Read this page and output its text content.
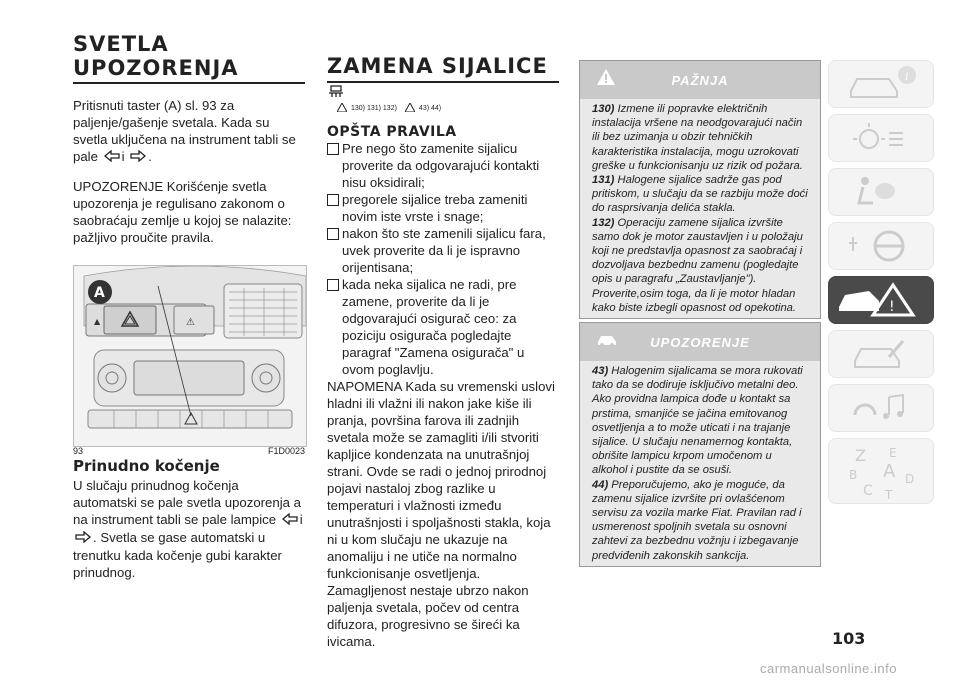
SVETLA
UPOZORENJA

Pritisnuti taster (A) sl. 93 za paljenje/gašenje svetala. Kada su svetla uključena na instrument tabli se pale i .

UPOZORENJE Korišćenje svetla upozorenja je regulisano zakonom o saobraćaju zemlje u kojoj se nalazite: pažljivo proučite pravila.

Prinudno kočenje

U slučaju prinudnog kočenja automatski se pale svetla upozorenja a na instrument tabli se pale lampice i . Svetla se gase automatski u trenutku kada kočenje gubi karakter prinudnog.

▲	⚠
A
93	F1D0023
ZAMENA SIJALICE
130) 131) 132)	43) 44)
OPŠTA PRAVILA
Pre nego što zamenite sijalicu proverite da odgovarajući kontakti nisu oksidirali;
pregorele sijalice treba zameniti novim iste vrste i snage;
nakon što ste zamenili sijalicu fara, uvek proverite da li je ispravno orijentisana;
kada neka sijalica ne radi, pre zamene, proverite da li je odgovarajući osigurač ceo: za poziciju osigurača pogledajte paragraf "Zamena osigurača" u ovom poglavlju.

NAPOMENA Kada su vremenski uslovi hladni ili vlažni ili nakon jake kiše ili pranja, površina farova ili zadnjih svetala može se zamagliti i/ili stvoriti kapljice kondenzata na unutrašnjoj strani. Ovde se radi o jednoj prirodnoj pojavi nastaloj zbog razlike u temperaturi i vlažnosti između unutrašnjosti i spoljašnosti stakla, koja ni u kom slučaju ne ukazuje na anomaliju i ne utiče na normalno funkcionisanje osvetljenja. Zamagljenost nestaje ubrzo nakon paljenja svetala, počev od centra difuzora, progresivno se šireći ka ivicama.

PAŽNJA
130) Izmene ili popravke električnih instalacija vršene na neodgovarajući način ili bez uzimanja u obzir tehničkih karakteristika instalacija, mogu uzrokovati greške u funkcionisanju uz rizik od požara.
131) Halogene sijalice sadrže gas pod pritiskom, u slučaju da se razbiju može doći do rasprsivanja delića stakla.
132) Operaciju zamene sijalica izvršite samo dok je motor zaustavljen i u položaju koji ne predstavlja opasnost za saobraćaj i dozvoljava bezbednu zamenu (pogledajte opis u paragrafu „Zaustavljanje"). Proverite,osim toga, da li je motor hladan kako biste izbegli opasnost od opekotina.
UPOZORENJE
43) Halogenim sijalicama se mora rukovati tako da se dodiruje isključivo metalni deo. Ako providna lampica dođe u kontakt sa prstima, smanjiće se jačina emitovanog osvetljenja a to može uticati i na trajanje sijalice. U slučaju nenamernog kontakta, obrišite lampicu krpom umočenom u alkohol i pustite da se osuši.
44) Preporučujemo, ako je moguće, da zamenu sijalice izvršite pri ovlašćenom servisu za vozila marke Fiat. Pravilan rad i usmerenost spoljnih svetala su osnovni zahtevi za bezbednu vožnju i izbegavanje predviđenih zakonskih sankcija.
i
!
Z E
B A D
C T
103
carmanualsonline.info
